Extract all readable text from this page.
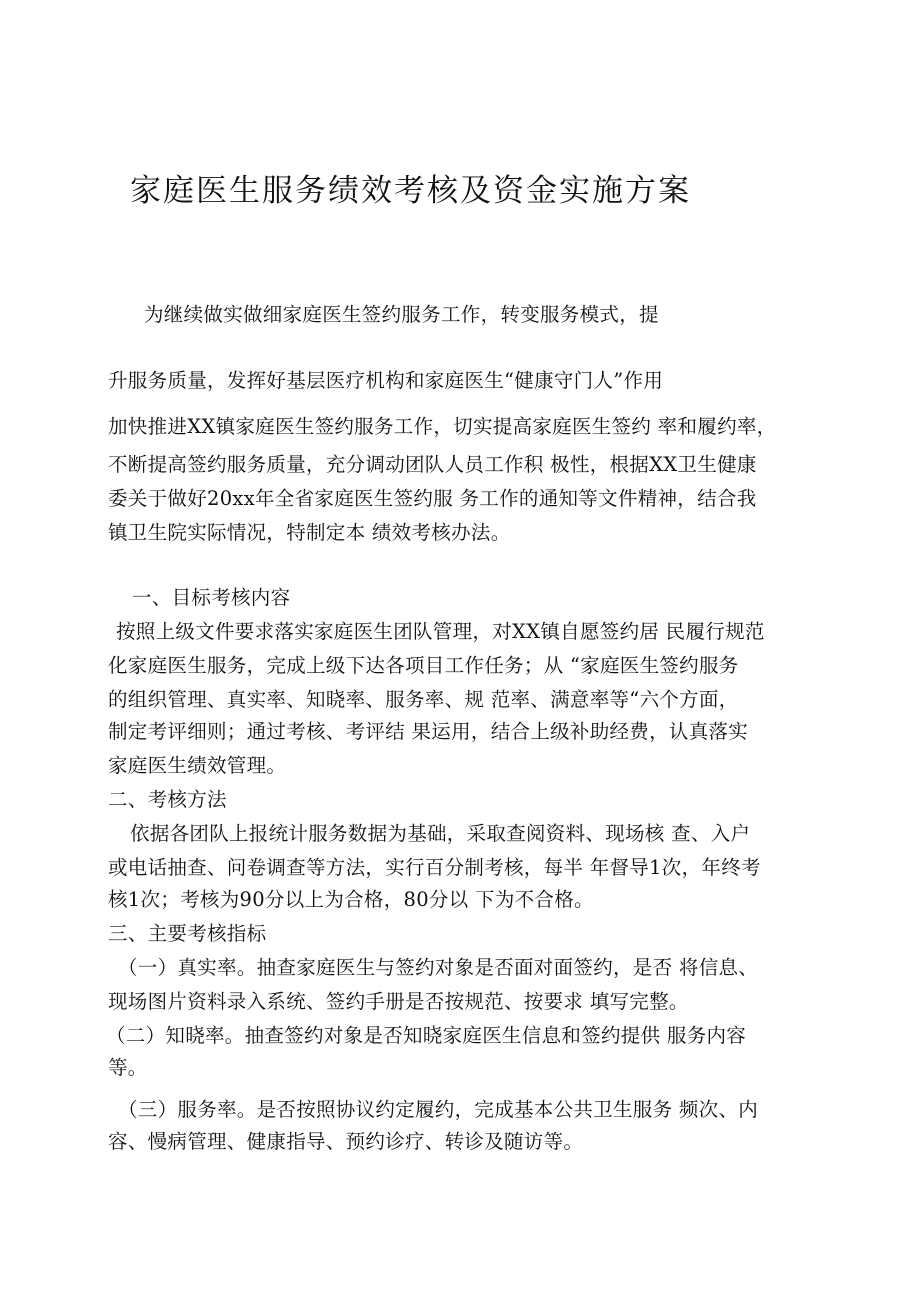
家庭医生服务绩效考核及资金实施方案

为继续做实做细家庭医生签约服务工作，转变服务模式，提

升服务质量，发挥好基层医疗机构和家庭医生“健康守门人”作用

加快推进XX镇家庭医生签约服务工作，切实提高家庭医生签约 率和履约率，

不断提高签约服务质量，充分调动团队人员工作积 极性，根据XX卫生健康

委关于做好20xx年全省家庭医生签约服 务工作的通知等文件精神，结合我

镇卫生院实际情况，特制定本 绩效考核办法。

一、目标考核内容

按照上级文件要求落实家庭医生团队管理，对XX镇自愿签约居 民履行规范

化家庭医生服务，完成上级下达各项目工作任务；从 “家庭医生签约服务

的组织管理、真实率、知晓率、服务率、规 范率、满意率等“六个方面，

制定考评细则；通过考核、考评结 果运用，结合上级补助经费，认真落实

家庭医生绩效管理。

二、考核方法

依据各团队上报统计服务数据为基础，采取查阅资料、现场核 查、入户

或电话抽查、问卷调查等方法，实行百分制考核，每半 年督导1次，年终考

核1次；考核为90分以上为合格，80分以 下为不合格。

三、主要考核指标

（一）真实率。抽查家庭医生与签约对象是否面对面签约，是否 将信息、

现场图片资料录入系统、签约手册是否按规范、按要求 填写完整。

（二）知晓率。抽查签约对象是否知晓家庭医生信息和签约提供 服务内容

等。

（三）服务率。是否按照协议约定履约，完成基本公共卫生服务 频次、内

容、慢病管理、健康指导、预约诊疗、转诊及随访等。
